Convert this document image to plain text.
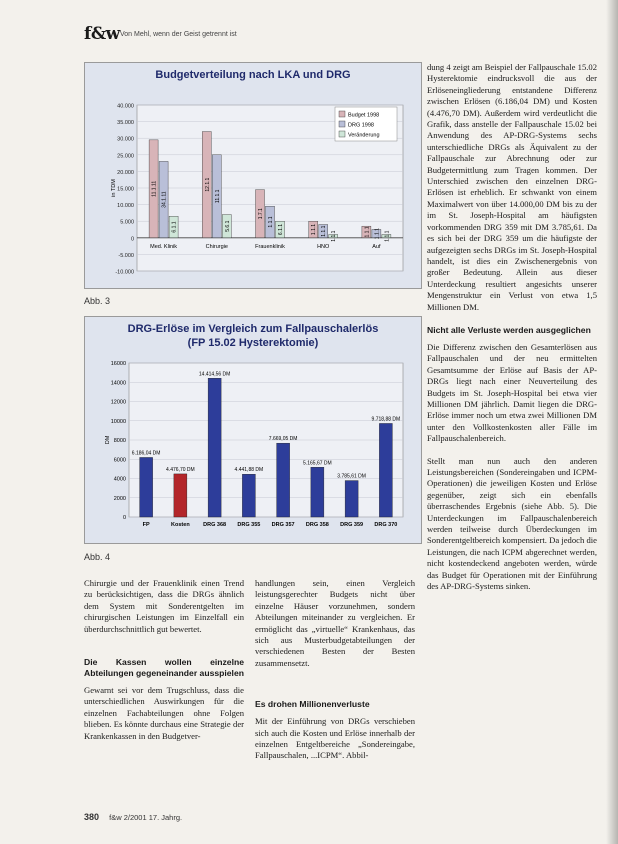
f&w Von Mehl, wenn der Geist getrennt ist
Budgetverteilung nach LKA und DRG
40.000
35.000
30.000
25.000
20.000
15.000
10.000
5.000
0
-5.000
-10.000
in TDM	11.1.11
34.1.11
6.1.1
Med. Klinik
12.1.1
11.1.1
5.6.1
Chirurgie
1.7.1
1.1.1
6.1.1
Frauenklinik
1.1.1 1.1.1 1.1.1
HNO
1.1.1 1.1.1 1.1.1
Auf
Budget 1998
DRG 1998
Veränderung
Abb. 3
DRG-Erlöse im Vergleich zum Fallpauschalerlös
(FP 15.02 Hysterektomie)
16000
14000
12000
10000
8000
6000
4000
2000
0
DM
6.186,04 DM
FP
4.476,70 DM
Kosten
14.414,56 DM
DRG 368
4.441,88 DM
DRG 355
7.669,05 DM
DRG 357
5.165,67 DM
DRG 358
3.785,61 DM
DRG 359
9.718,88 DM
DRG 370
Abb. 4

dung 4 zeigt am Beispiel der Fallpauschale 15.02 Hysterektomie eindrucksvoll die aus der Erlöseneingliederung entstandene Differenz zwischen Erlösen (6.186,04 DM) und Kosten (4.476,70 DM). Außerdem wird verdeutlicht die Grafik, dass anstelle der Fallpauschale 15.02 bei Anwendung des AP-DRG-Systems sechs unterschiedliche DRGs als Äquivalent zu der Fallpauschale zur Abrechnung oder zur Budgetermittlung zum Tragen kommen. Der Unterschied zwischen den einzelnen DRG-Erlösen ist erheblich. Er schwankt von einem Maximalwert von über 14.000,00 DM bis zu der im St. Joseph-Hospital am häufigsten vorkommenden DRG 359 mit DM 3.785,61. Da es sich bei der DRG 359 um die häufigste der aufgezeigten sechs DRGs im St. Joseph-Hospital handelt, ist dies ein Zwischenergebnis von großer Bedeutung. Allein aus dieser Unterdeckung resultiert angesichts unserer Mengenstruktur ein Verlust von etwa 1,5 Millionen DM.

Nicht alle Verluste werden ausgeglichen

Die Differenz zwischen den Gesamterlösen aus Fallpauschalen und der neu ermittelten Gesamtsumme der Erlöse auf Basis der AP-DRGs liegt nach einer Neuverteilung des Budgets im St. Joseph-Hospital bei etwa vier Millionen DM jährlich. Damit liegen die DRG-Erlöse immer noch um etwa zwei Millionen DM unter den Vollkostenkosten aller Fälle im Fallpauschalenbereich.

Stellt man nun auch den anderen Leistungsbereichen (Sondereingaben und ICPM-Operationen) die jeweiligen Kosten und Erlöse gegenüber, zeigt sich ein ebenfalls überraschendes Ergebnis (siehe Abb. 5). Die Unterdeckungen im Fallpauschalenbereich werden teilweise durch Überdeckungen im Sonderentgeltbereich kompensiert. Da jedoch die Leistungen, die nach ICPM abgerechnet werden, nicht kostendeckend angeboten werden, würde das Budget für Operationen mit der Einführung des AP-DRG-Systems sinken.

Chirurgie und der Frauenklinik einen Trend zu berücksichtigen, dass die DRGs ähnlich dem System mit Sonderentgelten im chirurgischen Leistungen im Einzelfall ein überdurchschnittlich gut bewertet.

Die Kassen wollen einzelne Abteilungen gegeneinander ausspielen

Gewarnt sei vor dem Trugschluss, dass die unterschiedlichen Auswirkungen für die einzelnen Fachabteilungen ohne Folgen blieben. Es könnte durchaus eine Strategie der Krankenkassen in den Budgetver-

handlungen sein, einen Vergleich leistungsgerechter Budgets nicht über einzelne Häuser vorzunehmen, sondern Abteilungen miteinander zu vergleichen. Er ermöglicht das „virtuelle“ Krankenhaus, das sich aus Musterbudgetabteilungen der verschiedenen Besten der Besten zusammensetzt.

Es drohen Millionenverluste

Mit der Einführung von DRGs verschieben sich auch die Kosten und Erlöse innerhalb der einzelnen Entgeltbereiche „Sondereingabe, Fallpauschalen, ...ICPM“. Abbil-

380 f&w 2/2001 17. Jahrg.
